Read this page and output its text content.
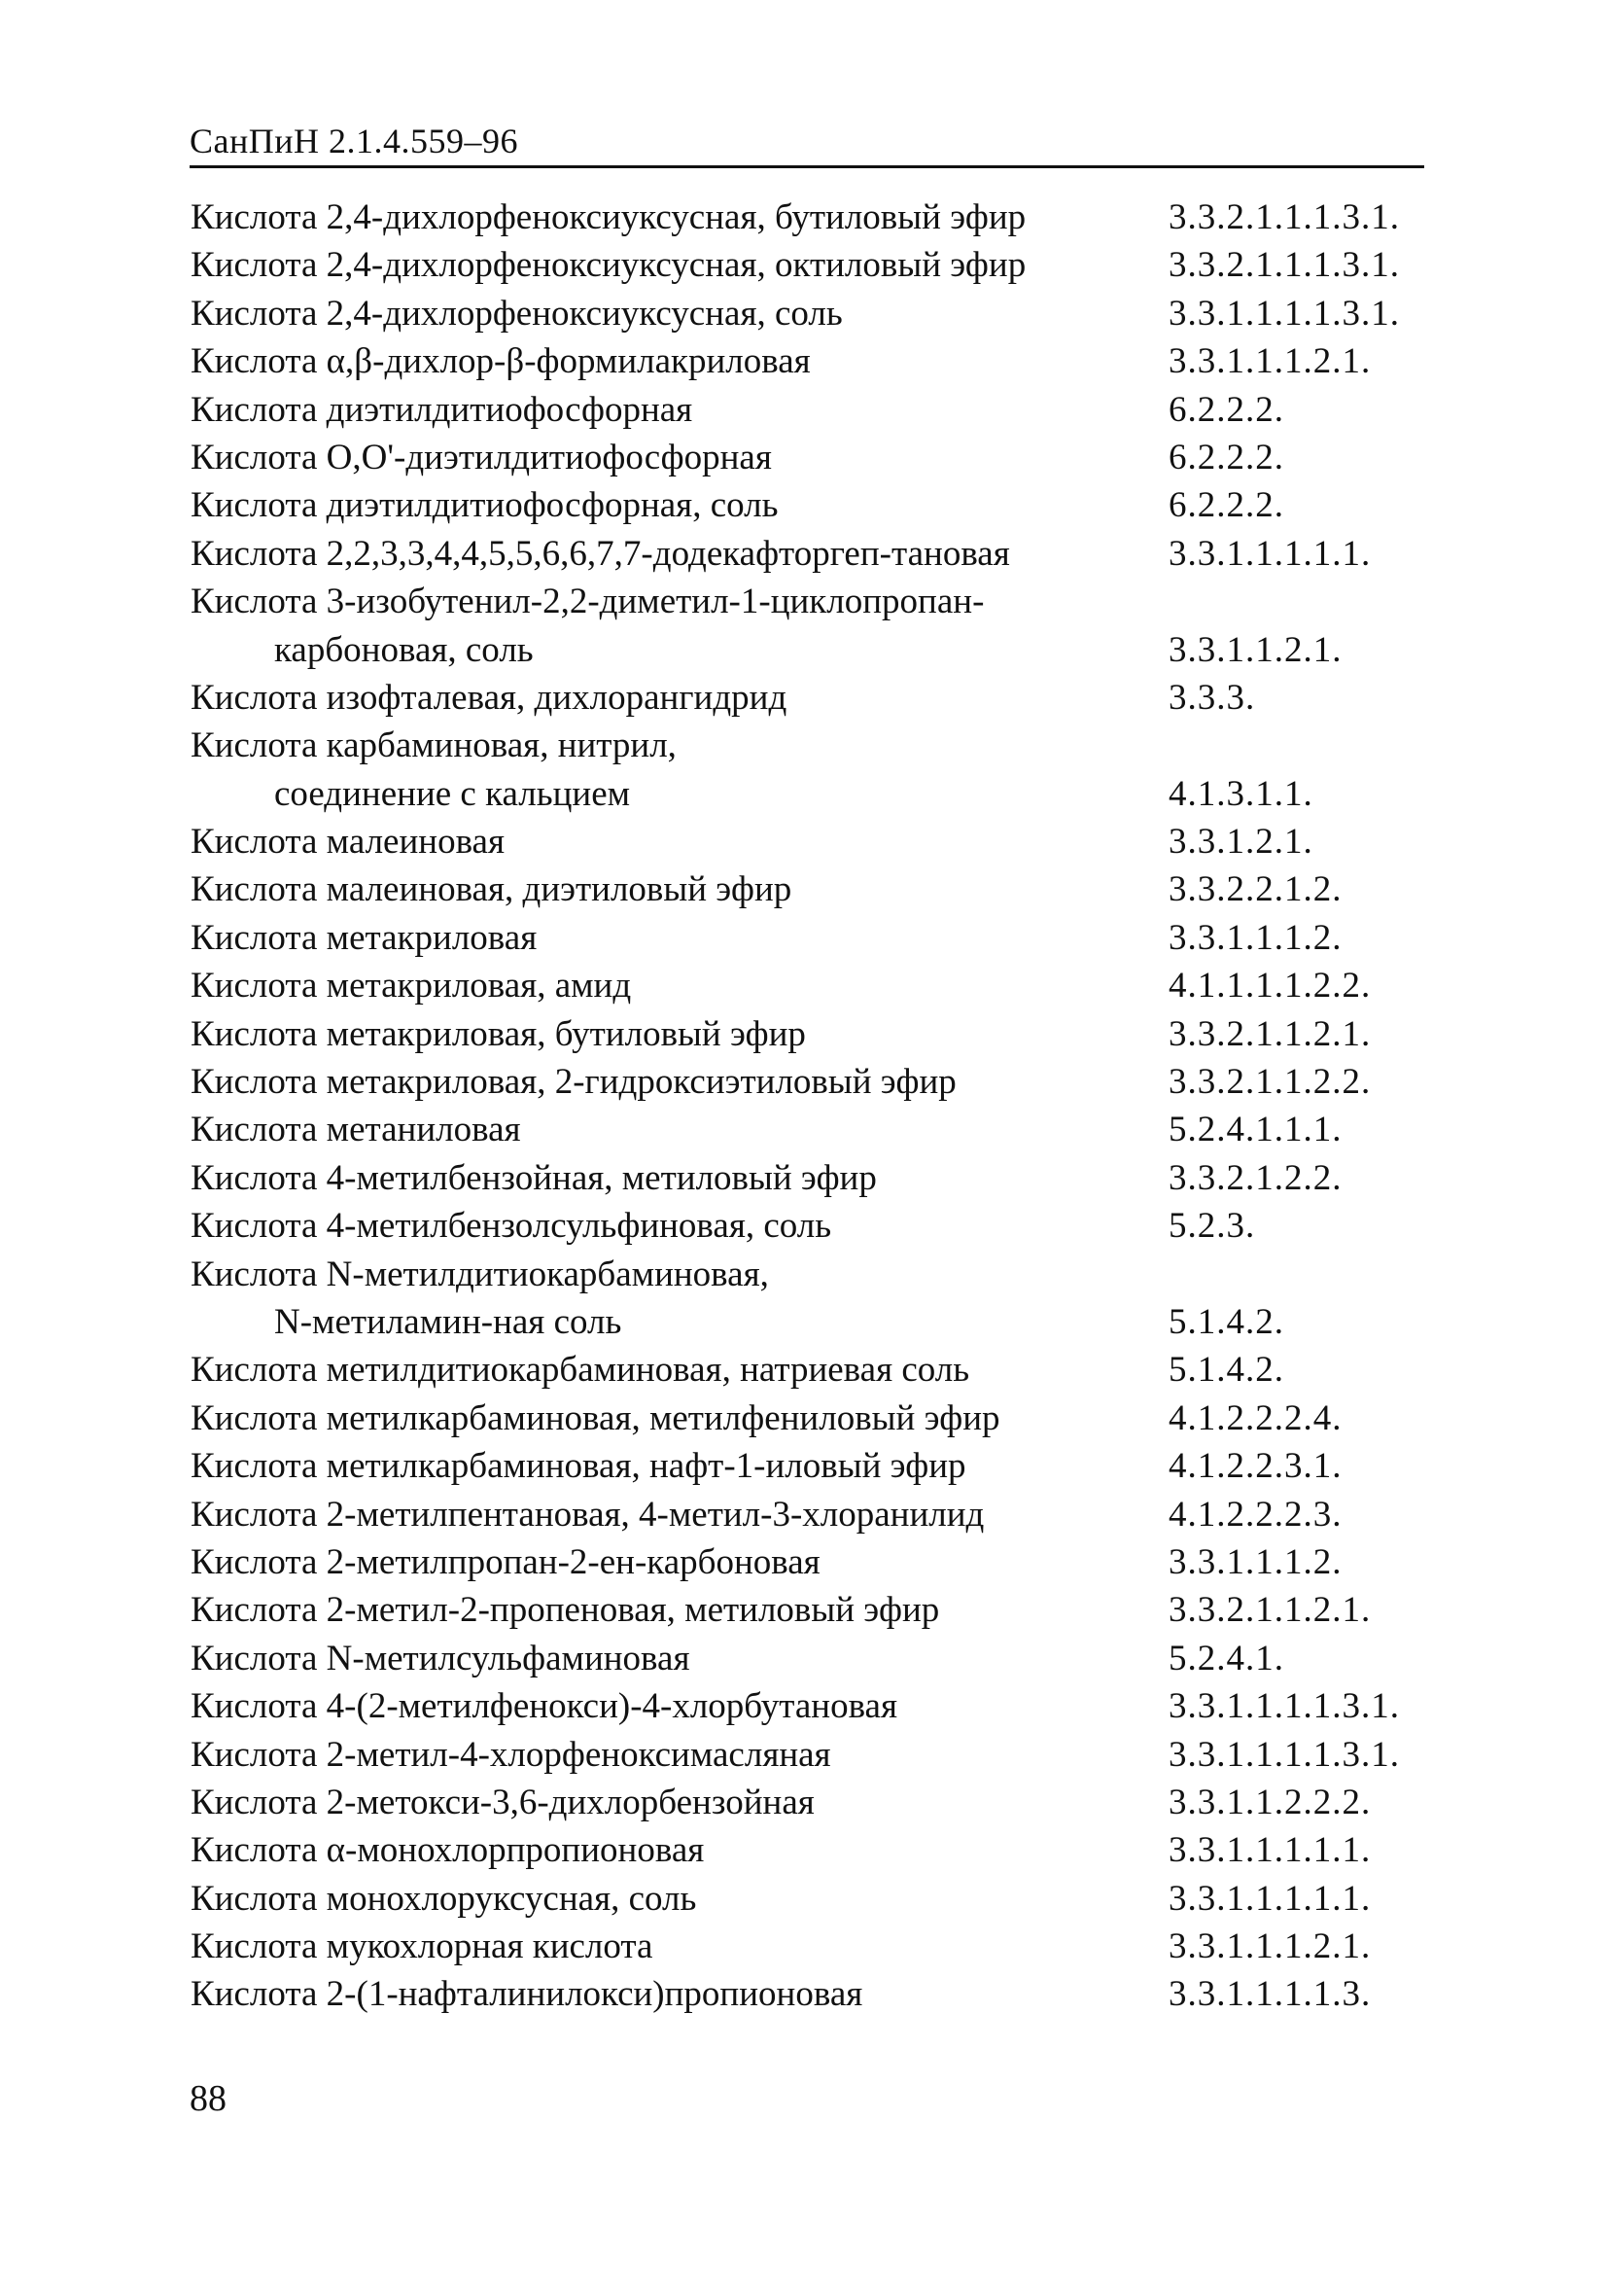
СанПиН 2.1.4.559–96
Кислота 2,4-дихлорфеноксиуксусная, бутиловый эфир	3.3.2.1.1.1.3.1.
Кислота 2,4-дихлорфеноксиуксусная, октиловый эфир	3.3.2.1.1.1.3.1.
Кислота 2,4-дихлорфеноксиуксусная, соль	3.3.1.1.1.1.3.1.
Кислота α,β-дихлор-β-формилакриловая	3.3.1.1.1.2.1.
Кислота диэтилдитиофосфорная	6.2.2.2.
Кислота О,О'-диэтилдитиофосфорная	6.2.2.2.
Кислота диэтилдитиофосфорная, соль	6.2.2.2.
Кислота 2,2,3,3,4,4,5,5,6,6,7,7-додекафторгеп-тановая	3.3.1.1.1.1.1.
Кислота 3-изобутенил-2,2-диметил-1-циклопропан-
карбоновая, соль	3.3.1.1.2.1.
Кислота изофталевая, дихлорангидрид	3.3.3.
Кислота карбаминовая, нитрил,
соединение с кальцием	4.1.3.1.1.
Кислота малеиновая	3.3.1.2.1.
Кислота малеиновая, диэтиловый эфир	3.3.2.2.1.2.
Кислота метакриловая	3.3.1.1.1.2.
Кислота метакриловая, амид	4.1.1.1.1.2.2.
Кислота метакриловая, бутиловый эфир	3.3.2.1.1.2.1.
Кислота метакриловая, 2-гидроксиэтиловый эфир	3.3.2.1.1.2.2.
Кислота метаниловая	5.2.4.1.1.1.
Кислота 4-метилбензойная, метиловый эфир	3.3.2.1.2.2.
Кислота 4-метилбензолсульфиновая, соль	5.2.3.
Кислота N-метилдитиокарбаминовая,
N-метиламин-ная соль	5.1.4.2.
Кислота метилдитиокарбаминовая, натриевая соль	5.1.4.2.
Кислота метилкарбаминовая, метилфениловый эфир	4.1.2.2.2.4.
Кислота метилкарбаминовая, нафт-1-иловый эфир	4.1.2.2.3.1.
Кислота 2-метилпентановая, 4-метил-3-хлоранилид	4.1.2.2.2.3.
Кислота 2-метилпропан-2-ен-карбоновая	3.3.1.1.1.2.
Кислота 2-метил-2-пропеновая, метиловый эфир	3.3.2.1.1.2.1.
Кислота N-метилсульфаминовая	5.2.4.1.
Кислота 4-(2-метилфенокси)-4-хлорбутановая	3.3.1.1.1.1.3.1.
Кислота 2-метил-4-хлорфеноксимасляная	3.3.1.1.1.1.3.1.
Кислота 2-метокси-3,6-дихлорбензойная	3.3.1.1.2.2.2.
Кислота α-монохлорпропионовая	3.3.1.1.1.1.1.
Кислота монохлоруксусная, соль	3.3.1.1.1.1.1.
Кислота мукохлорная кислота	3.3.1.1.1.2.1.
Кислота 2-(1-нафталинилокси)пропионовая	3.3.1.1.1.1.3.
88
